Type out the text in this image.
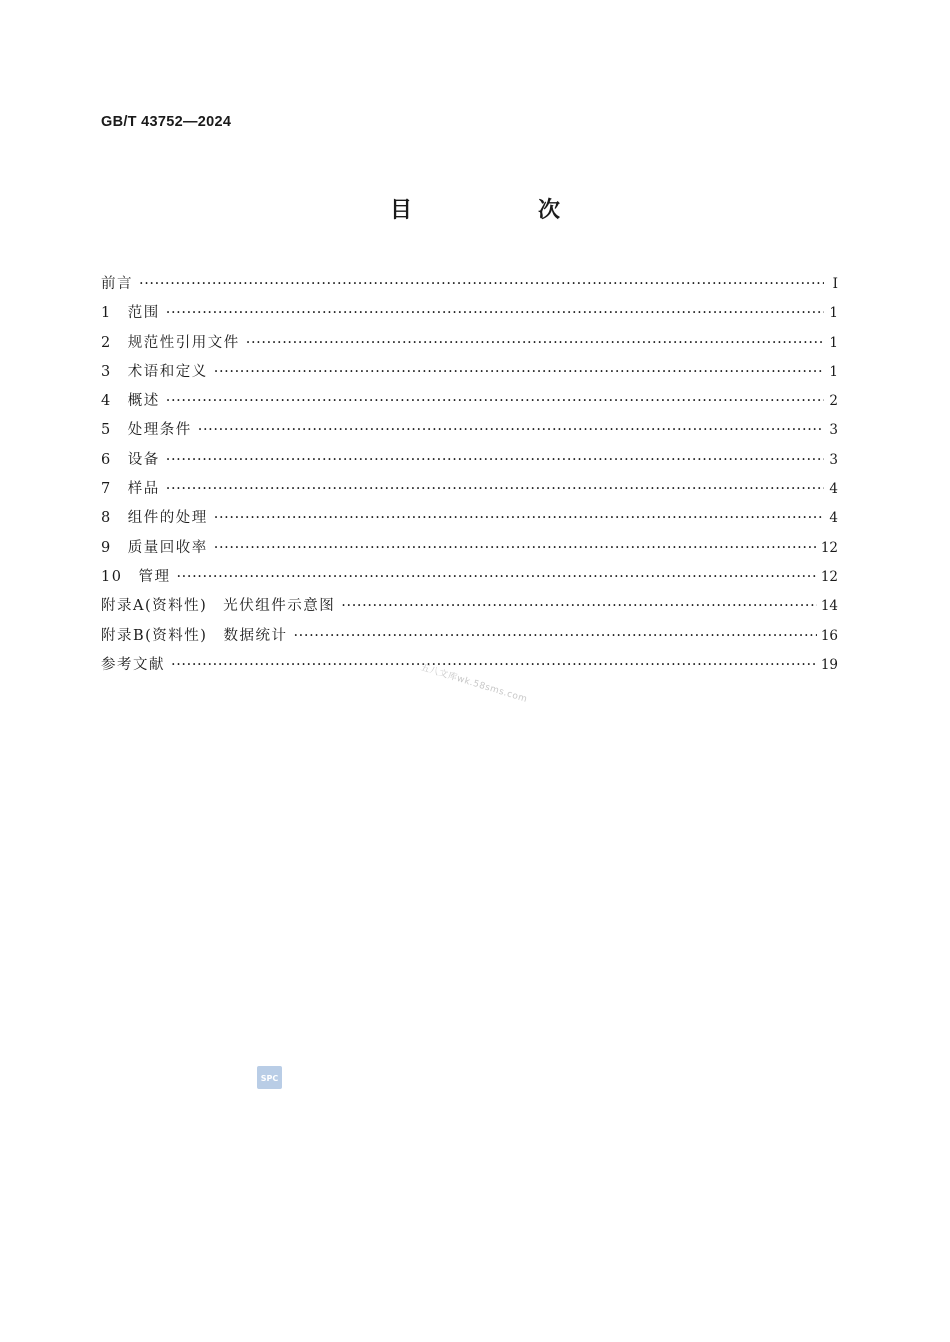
GB/T 43752—2024
目　次
前言 ·····	Ⅰ
1　范围 ·····	1
2　规范性引用文件 ·····	1
3　术语和定义 ·····	1
4　概述 ·····	2
5　处理条件 ·····	3
6　设备 ·····	3
7　样品 ·····	4
8　组件的处理 ·····	4
9　质量回收率 ·····	12
10　管理 ·····	12
附录A(资料性)　光伏组件示意图 ·····	14
附录B(资料性)　数据统计 ·····	16
参考文献 ·····	19
五八文库wk.58sms.com
SPC
